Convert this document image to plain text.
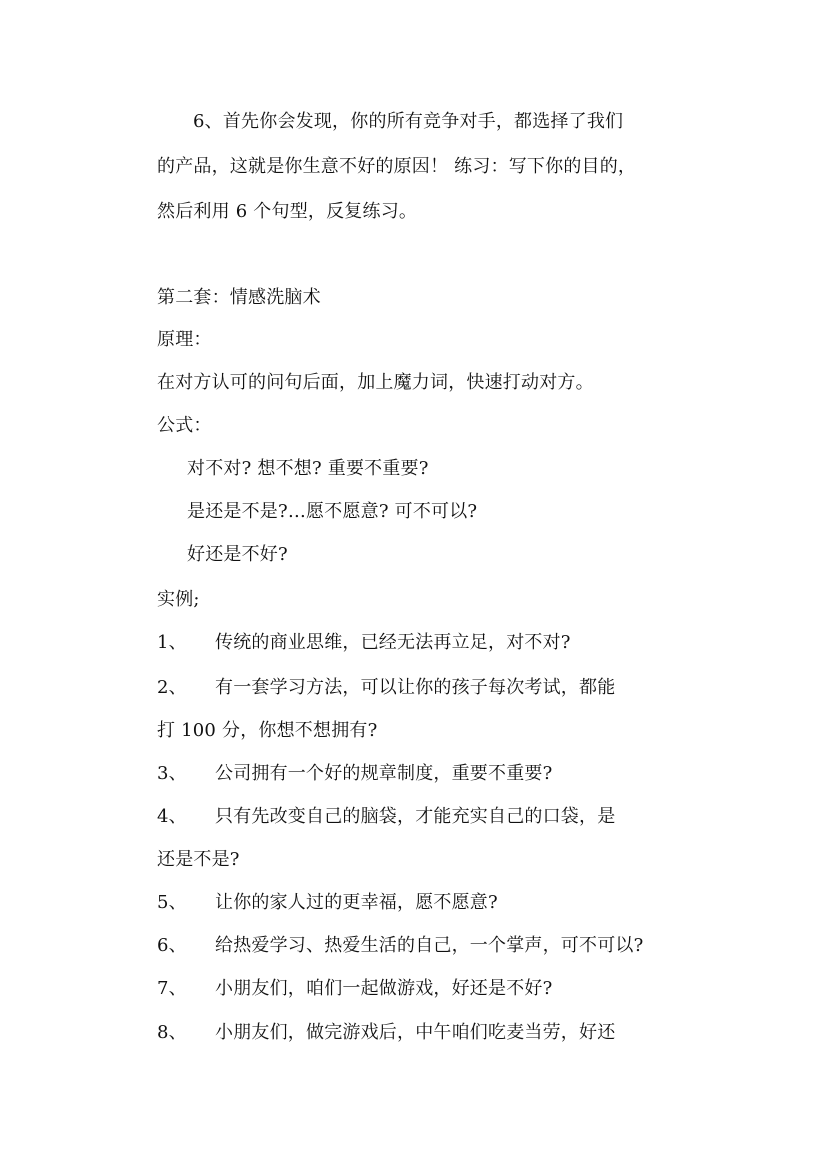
6、首先你会发现，你的所有竞争对手，都选择了我们
的产品，这就是你生意不好的原因！ 练习：写下你的目的，
然后利用 6 个句型，反复练习。
第二套：情感洗脑术
原理：
在对方认可的问句后面，加上魔力词，快速打动对方。
公式：
对不对? 想不想? 重要不重要?
是还是不是?…愿不愿意? 可不可以?
好还是不好?
实例;
1、 传统的商业思维，已经无法再立足，对不对?
2、 有一套学习方法，可以让你的孩子每次考试，都能
打 100 分，你想不想拥有?
3、 公司拥有一个好的规章制度，重要不重要?
4、 只有先改变自己的脑袋，才能充实自己的口袋，是
还是不是?
5、 让你的家人过的更幸福，愿不愿意?
6、 给热爱学习、热爱生活的自己，一个掌声，可不可以?
7、 小朋友们，咱们一起做游戏，好还是不好?
8、 小朋友们，做完游戏后，中午咱们吃麦当劳，好还
